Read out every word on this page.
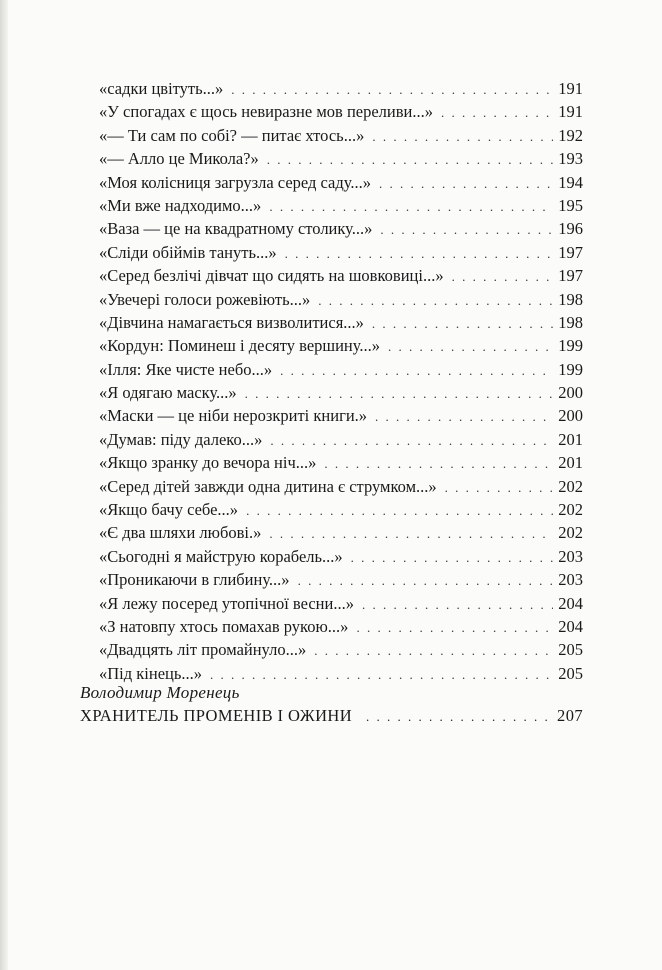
«садки цвітуть...» . . .	191
«У спогадах є щось невиразне мов переливи...» . . .	191
«— Ти сам по собі? — питає хтось...» . . .	192
«— Алло це Микола?» . . .	193
«Моя колісниця загрузла серед саду...» . . .	194
«Ми вже надходимо...» . . .	195
«Ваза — це на квадратному столику...» . . .	196
«Сліди обіймів тануть...» . . .	197
«Серед безлічі дівчат що сидять на шовковиці...» . . .	197
«Увечері голоси рожевіють...» . . .	198
«Дівчина намагається визволитися...» . . .	198
«Кордун: Поминеш і десяту вершину...» . . .	199
«Ілля: Яке чисте небо...» . . .	199
«Я одягаю маску...» . . .	200
«Маски — це ніби нерозкриті книги.» . . .	200
«Думав: піду далеко...» . . .	201
«Якщо зранку до вечора ніч...» . . .	201
«Серед дітей завжди одна дитина є струмком...» . . .	202
«Якщо бачу себе...» . . .	202
«Є два шляхи любові.» . . .	202
«Сьогодні я майструю корабель...» . . .	203
«Проникаючи в глибину...» . . .	203
«Я лежу посеред утопічної весни...» . . .	204
«З натовпу хтось помахав рукою...» . . .	204
«Двадцять літ промайнуло...» . . .	205
«Під кінець...» . . .	205
Володимир Моренець
ХРАНИТЕЛЬ ПРОМЕНІВ І ОЖИНИ . . .	207
